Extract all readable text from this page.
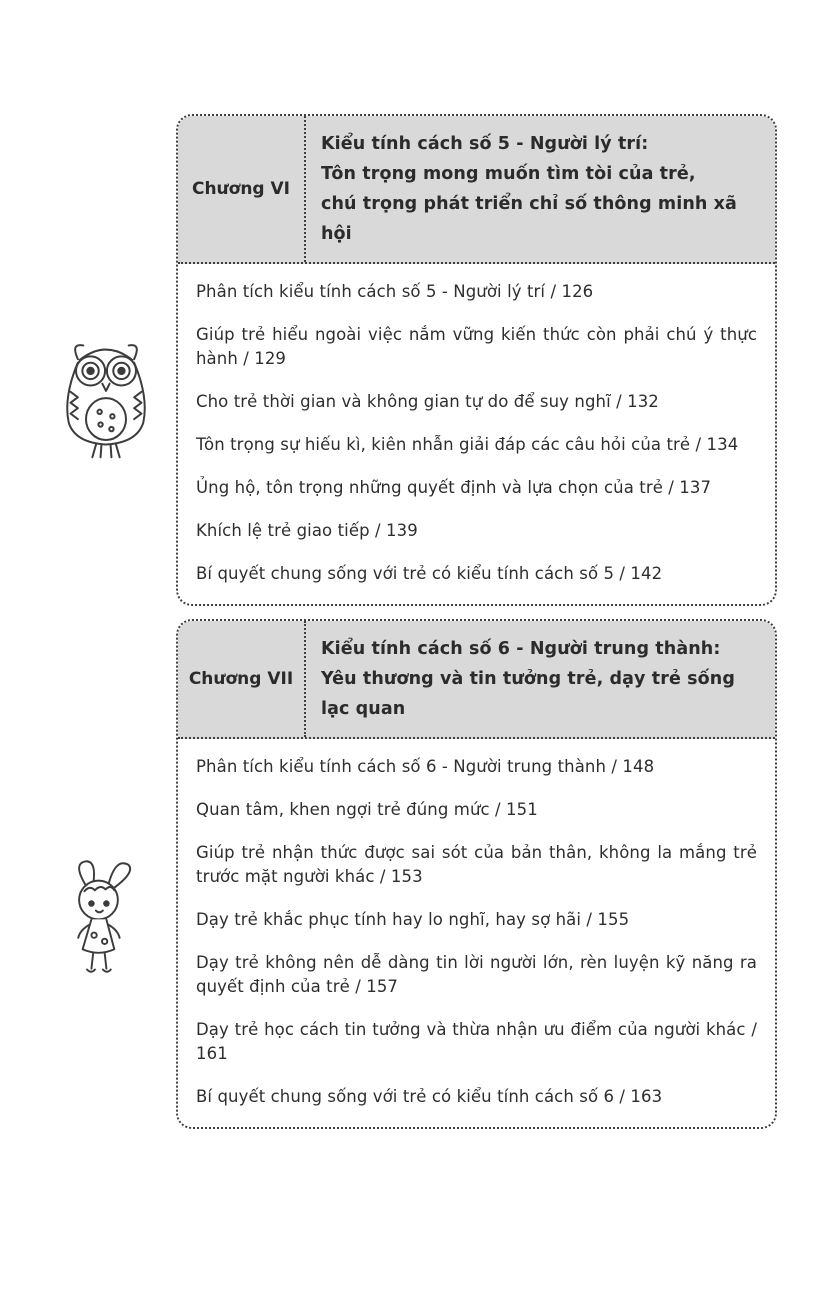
Chương VI
Kiểu tính cách số 5 - Người lý trí:
Tôn trọng mong muốn tìm tòi của trẻ,
chú trọng phát triển chỉ số thông minh xã hội
Phân tích kiểu tính cách số 5 - Người lý trí / 126
Giúp trẻ hiểu ngoài việc nắm vững kiến thức còn phải chú ý thực hành / 129
Cho trẻ thời gian và không gian tự do để suy nghĩ / 132
Tôn trọng sự hiếu kì, kiên nhẫn giải đáp các câu hỏi của trẻ / 134
Ủng hộ, tôn trọng những quyết định và lựa chọn của trẻ / 137
Khích lệ trẻ giao tiếp / 139
Bí quyết chung sống với trẻ có kiểu tính cách số 5 / 142
Chương VII
Kiểu tính cách số 6 - Người trung thành:
Yêu thương và tin tưởng trẻ, dạy trẻ sống
lạc quan
Phân tích kiểu tính cách số 6 - Người trung thành / 148
Quan tâm, khen ngợi trẻ đúng mức / 151
Giúp trẻ nhận thức được sai sót của bản thân, không la mắng trẻ trước mặt người khác / 153
Dạy trẻ khắc phục tính hay lo nghĩ, hay sợ hãi / 155
Dạy trẻ không nên dễ dàng tin lời người lớn, rèn luyện kỹ năng ra quyết định của trẻ / 157
Dạy trẻ học cách tin tưởng và thừa nhận ưu điểm của người khác / 161
Bí quyết chung sống với trẻ có kiểu tính cách số 6 / 163
